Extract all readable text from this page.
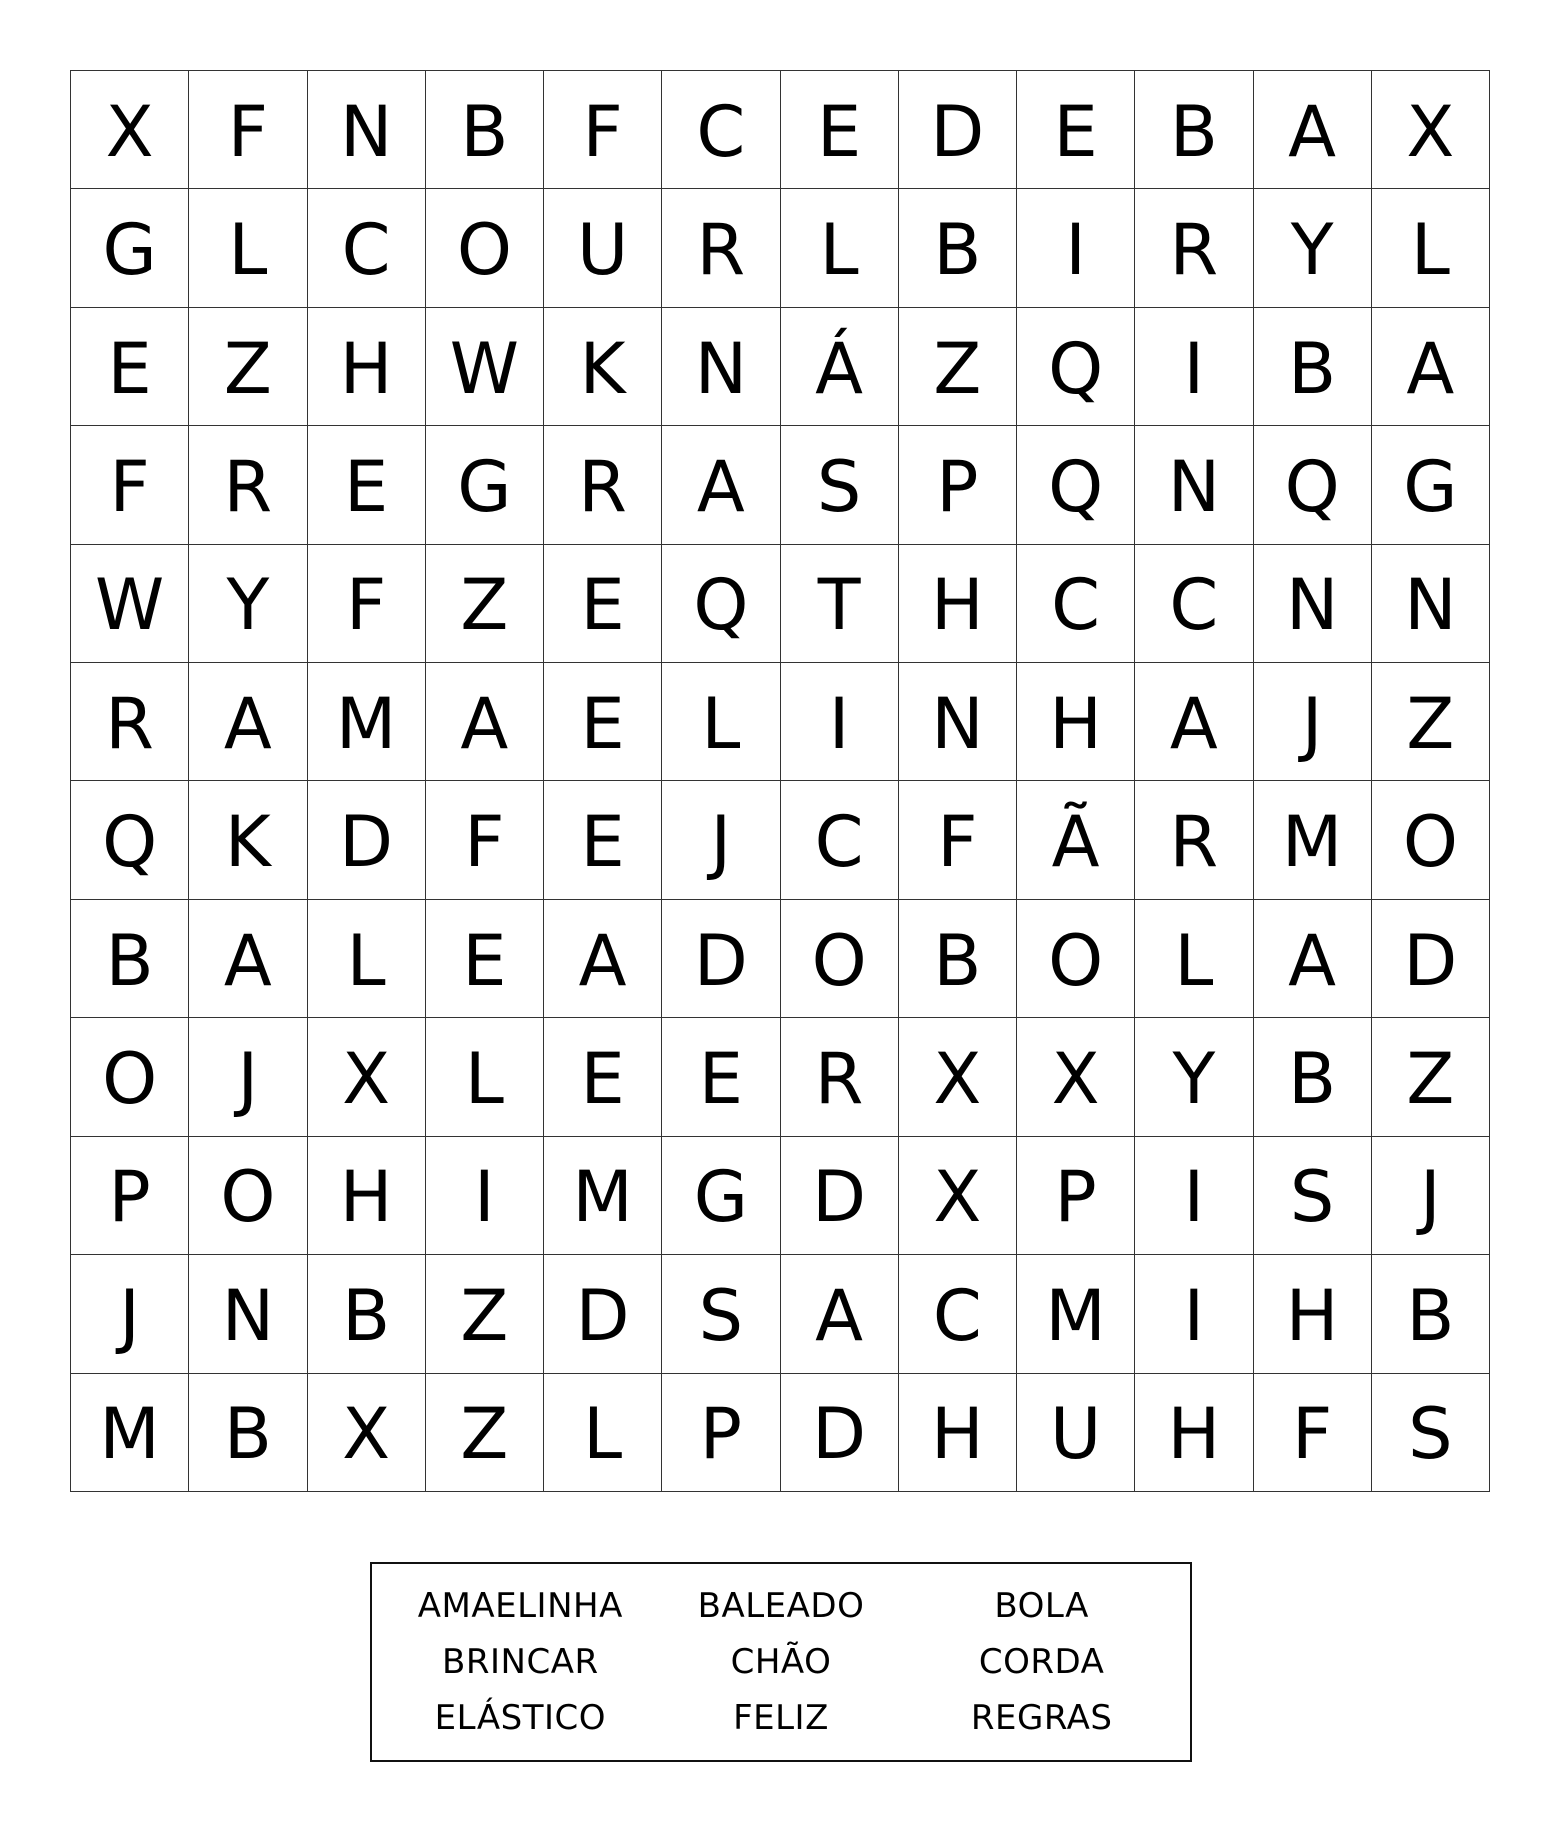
X	F	N B	F	C	E D E	B	A	X
G	L	C O U R	L	B	I	R	Y	L
E	Z H W K N Á	Z Q	I	B	A
F	R	E G R A	S	P Q N Q G
W Y	F	Z	E Q T	H C C N N
R A M A	E	L	I	N H A	J	Z
Q K D	F	E	J	C	F	Ã R M O
B	A	L	E	A D O B O	L	A D
O	J	X	L	E	E	R X	X	Y	B	Z
P O H	I	M G D X	P	I	S	J
J	N B	Z D S	A C M	I	H B
M B	X	Z	L	P	D H U H	F	S
AMAELINHA	BALEADO	BOLA
BRINCAR	CHÃO	CORDA
ELÁSTICO	FELIZ	REGRAS
